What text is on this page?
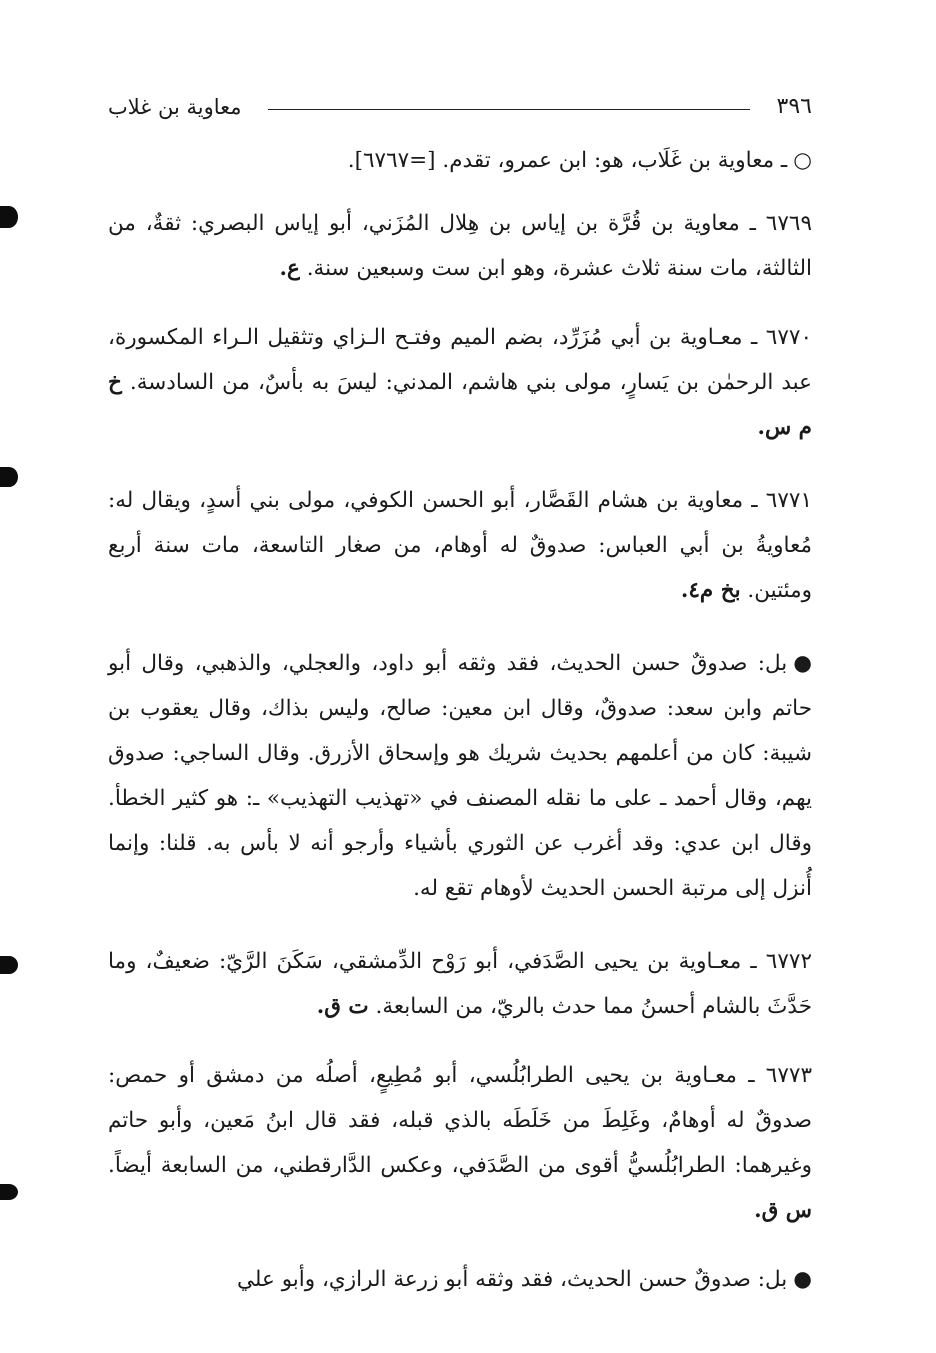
٣٩٦
معاوية بن غلاب

○ـ معاوية بن غَلَاب، هو: ابن عمرو، تقدم. [=٦٧٦٧].

٦٧٦٩ ـ معاوية بن قُرَّة بن إياس بن هِلال المُزَني، أبو إياس البصري: ثقةٌ، من الثالثة، مات سنة ثلاث عشرة، وهو ابن ست وسبعين سنة. ع.

٦٧٧٠ ـ معـاوية بن أبي مُزَرِّد، بضم الميم وفتـح الـزاي وتثقيل الـراء المكسورة، عبد الرحمٰن بن يَسارٍ، مولى بني هاشم، المدني: ليسَ به بأسٌ، من السادسة. خ م س.

٦٧٧١ ـ معاوية بن هشام القَصَّار، أبو الحسن الكوفي، مولى بني أسدٍ، ويقال له: مُعاويةُ بن أبي العباس: صدوقٌ له أوهام، من صغار التاسعة، مات سنة أربع ومئتين. بخ م٤.

●بل: صدوقٌ حسن الحديث، فقد وثقه أبو داود، والعجلي، والذهبي، وقال أبو حاتم وابن سعد: صدوقٌ، وقال ابن معين: صالح، وليس بذاك، وقال يعقوب بن شيبة: كان من أعلمهم بحديث شريك هو وإسحاق الأزرق. وقال الساجي: صدوق يهم، وقال أحمد ـ على ما نقله المصنف في «تهذيب التهذيب» ـ: هو كثير الخطأ. وقال ابن عدي: وقد أغرب عن الثوري بأشياء وأرجو أنه لا بأس به. قلنا: وإنما أُنزل إلى مرتبة الحسن الحديث لأوهام تقع له.

٦٧٧٢ ـ معـاوية بن يحيى الصَّدَفي، أبو رَوْح الدِّمشقي، سَكَنَ الرَّيّ: ضعيفٌ، وما حَدَّثَ بالشام أحسنُ مما حدث بالريّ، من السابعة. ت ق.

٦٧٧٣ ـ معـاوية بن يحيى الطرابُلُسي، أبو مُطِيعٍ، أصلُه من دمشق أو حمص: صدوقٌ له أوهامٌ، وغَلِطَ من خَلَطَه بالذي قبله، فقد قال ابنُ مَعين، وأبو حاتم وغيرهما: الطرابُلُسيُّ أقوى من الصَّدَفي، وعكس الدَّارقطني، من السابعة أيضاً. س ق.

●بل: صدوقٌ حسن الحديث، فقد وثقه أبو زرعة الرازي، وأبو علي
